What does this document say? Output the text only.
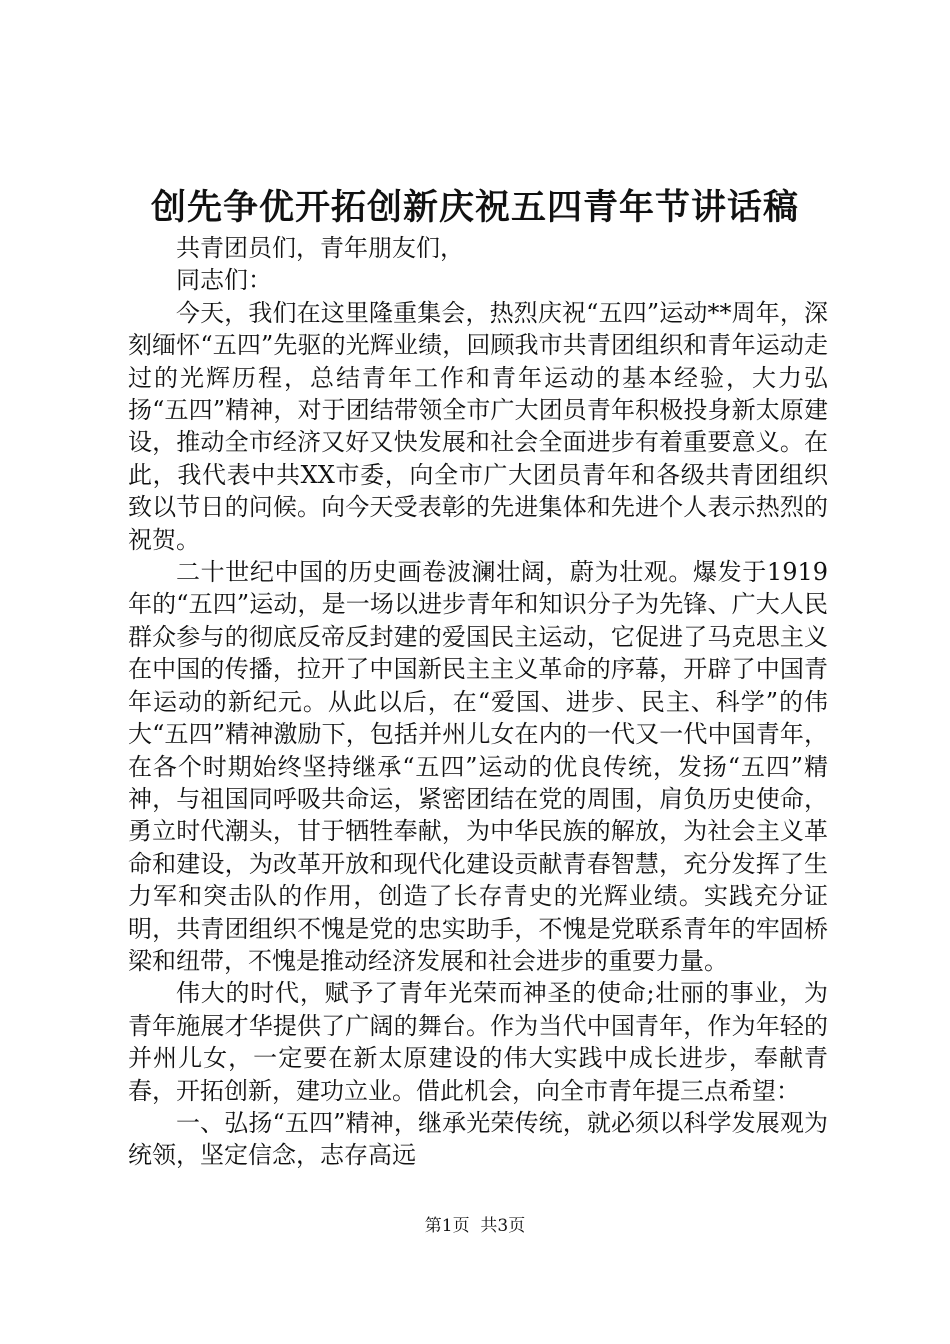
创先争优开拓创新庆祝五四青年节讲话稿

共青团员们，青年朋友们，

同志们：

今天，我们在这里隆重集会，热烈庆祝“五四”运动**周年，深刻缅怀“五四”先驱的光辉业绩，回顾我市共青团组织和青年运动走过的光辉历程，总结青年工作和青年运动的基本经验，大力弘扬“五四”精神，对于团结带领全市广大团员青年积极投身新太原建设，推动全市经济又好又快发展和社会全面进步有着重要意义。在此，我代表中共XX市委，向全市广大团员青年和各级共青团组织致以节日的问候。向今天受表彰的先进集体和先进个人表示热烈的祝贺。

二十世纪中国的历史画卷波澜壮阔，蔚为壮观。爆发于1919年的“五四”运动，是一场以进步青年和知识分子为先锋、广大人民群众参与的彻底反帝反封建的爱国民主运动，它促进了马克思主义在中国的传播，拉开了中国新民主主义革命的序幕，开辟了中国青年运动的新纪元。从此以后，在“爱国、进步、民主、科学”的伟大“五四”精神激励下，包括并州儿女在内的一代又一代中国青年，在各个时期始终坚持继承“五四”运动的优良传统，发扬“五四”精神，与祖国同呼吸共命运，紧密团结在党的周围，肩负历史使命，勇立时代潮头，甘于牺牲奉献，为中华民族的解放，为社会主义革命和建设，为改革开放和现代化建设贡献青春智慧，充分发挥了生力军和突击队的作用，创造了长存青史的光辉业绩。实践充分证明，共青团组织不愧是党的忠实助手，不愧是党联系青年的牢固桥梁和纽带，不愧是推动经济发展和社会进步的重要力量。

伟大的时代，赋予了青年光荣而神圣的使命;壮丽的事业，为青年施展才华提供了广阔的舞台。作为当代中国青年，作为年轻的并州儿女，一定要在新太原建设的伟大实践中成长进步，奉献青春，开拓创新，建功立业。借此机会，向全市青年提三点希望：

一、弘扬“五四”精神，继承光荣传统，就必须以科学发展观为统领，坚定信念，志存高远

第1页 共3页
